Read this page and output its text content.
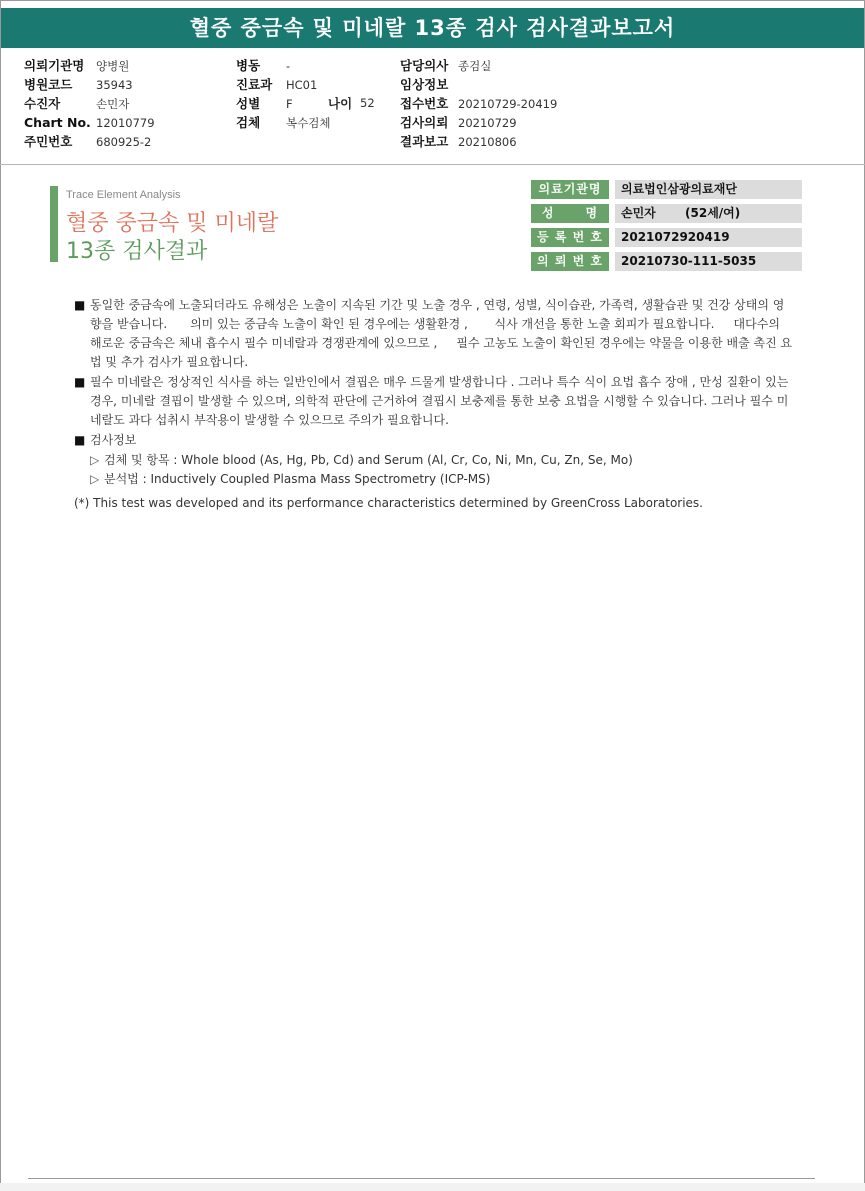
혈중 중금속 및 미네랄 13종 검사 검사결과보고서
의뢰기관명 양병원
병원코드 35943
수진자	손민자
Chart No. 12010779
주민번호 680925-2
병동 -
진료과 HC01
성별 F	나이 52
검체 복수검체
담당의사 종검실
임상정보
접수번호 20210729-20419
검사의뢰 20210729
결과보고 20210806
Trace Element Analysis
혈중 중금속 및 미네랄
13종 검사결과
의료기관명	의료법인삼광의료재단
성      명	손민자       (52세/여)
등 록 번 호	2021072920419
의 뢰 번 호	20210730-111-5035
■ 동일한 중금속에 노출되더라도 유해성은 노출이 지속된 기간 및 노출 경우 , 연령, 성별, 식이습관, 가족력, 생활습관 및 건강 상태의 영향을 받습니다.      의미 있는 중금속 노출이 확인 된 경우에는 생활환경 ,       식사 개선을 통한 노출 회피가 필요합니다.     대다수의 해로운 중금속은 체내 흡수시 필수 미네랄과 경쟁관계에 있으므로 ,     필수 고농도 노출이 확인된 경우에는 약물을 이용한 배출 촉진 요법 및 추가 검사가 필요합니다.
■ 필수 미네랄은 정상적인 식사를 하는 일반인에서 결핍은 매우 드물게 발생합니다 . 그러나 특수 식이 요법 흡수 장애 , 만성 질환이 있는 경우, 미네랄 결핍이 발생할 수 있으며, 의학적 판단에 근거하여 결핍시 보충제를 통한 보충 요법을 시행할 수 있습니다. 그러나 필수 미네랄도 과다 섭취시 부작용이 발생할 수 있으므로 주의가 필요합니다.
■ 검사정보
▷ 검체 및 항목 : Whole blood (As, Hg, Pb, Cd) and Serum (Al, Cr, Co, Ni, Mn, Cu, Zn, Se, Mo)
▷ 분석법 : Inductively Coupled Plasma Mass Spectrometry (ICP-MS)
(*) This test was developed and its performance characteristics determined by GreenCross Laboratories.
